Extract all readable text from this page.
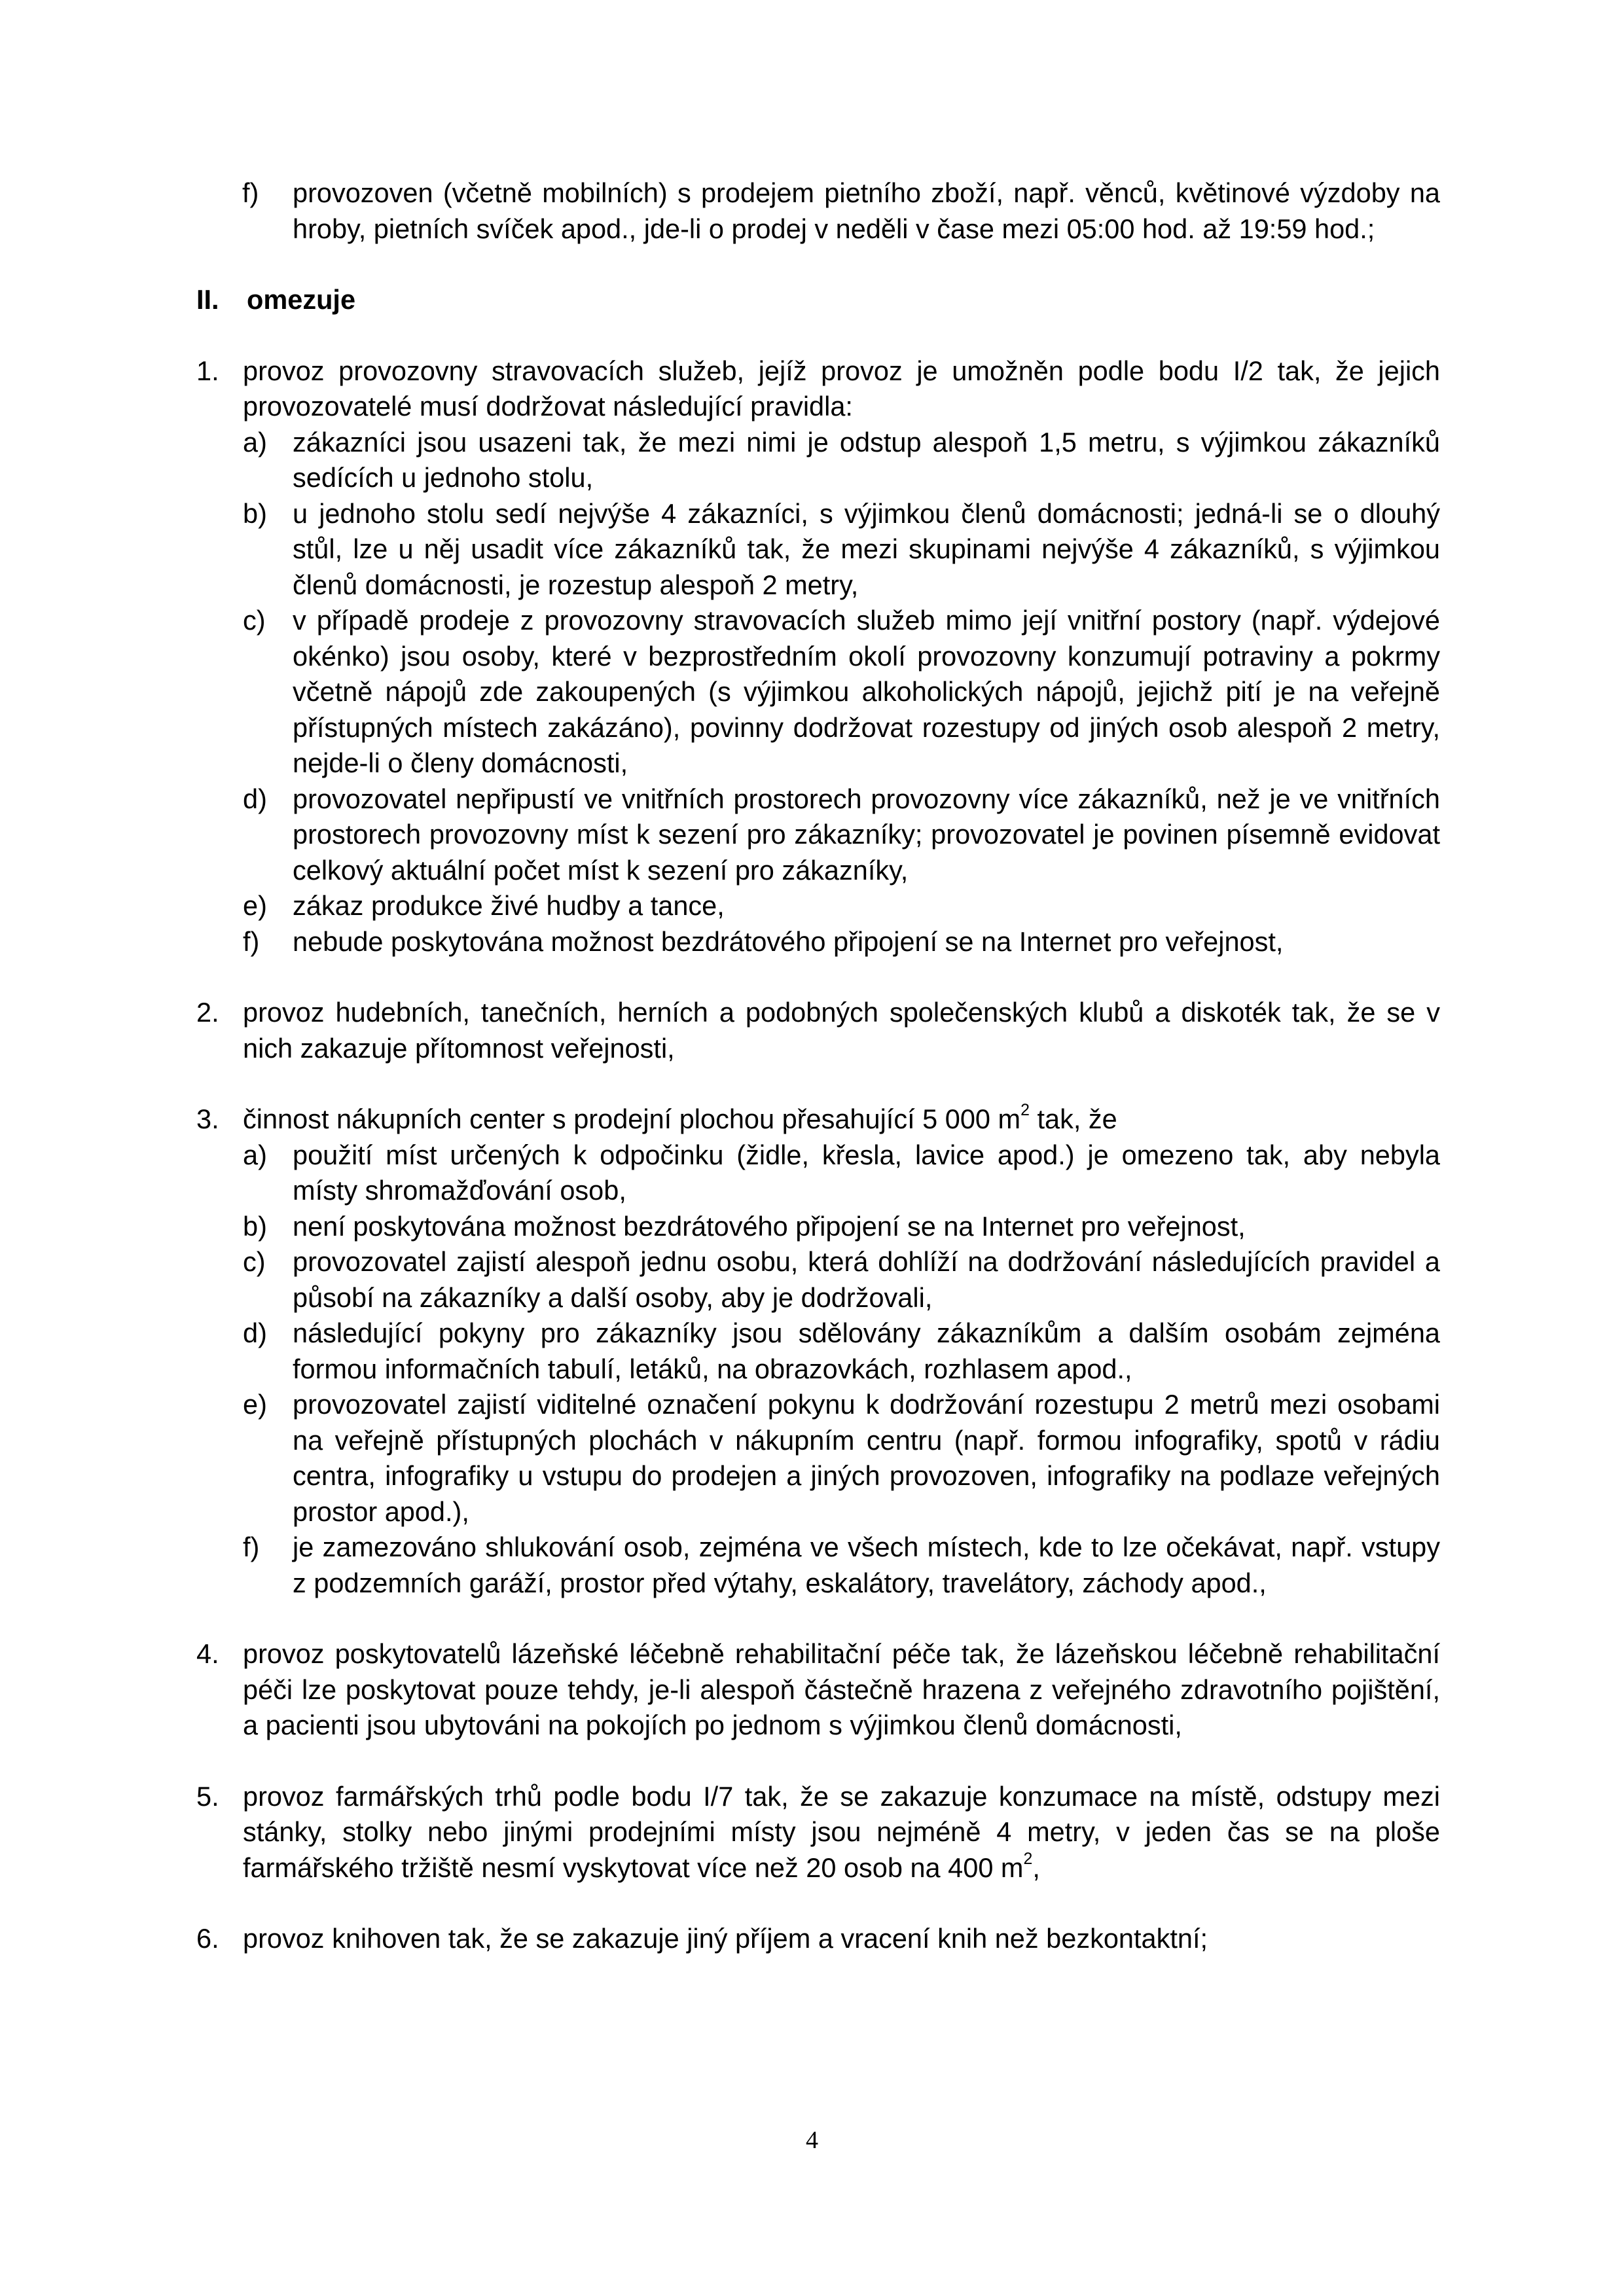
f)	provozoven (včetně mobilních) s prodejem pietního zboží, např. věnců, květinové výzdoby na hroby, pietních svíček apod., jde-li o prodej v neděli v čase mezi 05:00 hod. až 19:59 hod.;
II.	omezuje
1. provoz provozovny stravovacích služeb, jejíž provoz je umožněn podle bodu I/2 tak, že jejich provozovatelé musí dodržovat následující pravidla:
a) zákazníci jsou usazeni tak, že mezi nimi je odstup alespoň 1,5 metru, s výjimkou zákazníků sedících u jednoho stolu,
b) u jednoho stolu sedí nejvýše 4 zákazníci, s výjimkou členů domácnosti; jedná-li se o dlouhý stůl, lze u něj usadit více zákazníků tak, že mezi skupinami nejvýše 4 zákazníků, s výjimkou členů domácnosti, je rozestup alespoň 2 metry,
c) v případě prodeje z provozovny stravovacích služeb mimo její vnitřní postory (např. výdejové okénko) jsou osoby, které v bezprostředním okolí provozovny konzumují potraviny a pokrmy včetně nápojů zde zakoupených (s výjimkou alkoholických nápojů, jejichž pití je na veřejně přístupných místech zakázáno), povinny dodržovat rozestupy od jiných osob alespoň 2 metry, nejde-li o členy domácnosti,
d) provozovatel nepřipustí ve vnitřních prostorech provozovny více zákazníků, než je ve vnitřních prostorech provozovny míst k sezení pro zákazníky; provozovatel je povinen písemně evidovat celkový aktuální počet míst k sezení pro zákazníky,
e) zákaz produkce živé hudby a tance,
f)	nebude poskytována možnost bezdrátového připojení se na Internet pro veřejnost,
2. provoz hudebních, tanečních, herních a podobných společenských klubů a diskoték tak, že se v nich zakazuje přítomnost veřejnosti,
3. činnost nákupních center s prodejní plochou přesahující 5 000 $m^2$ tak, že
a) použití míst určených k odpočinku (židle, křesla, lavice apod.) je omezeno tak, aby nebyla místy shromažďování osob,
b) není poskytována možnost bezdrátového připojení se na Internet pro veřejnost,
c) provozovatel zajistí alespoň jednu osobu, která dohlíží na dodržování následujících pravidel a působí na zákazníky a další osoby, aby je dodržovali,
d) následující pokyny pro zákazníky jsou sdělovány zákazníkům a dalším osobám zejména formou informačních tabulí, letáků, na obrazovkách, rozhlasem apod.,
e) provozovatel zajistí viditelné označení pokynu k dodržování rozestupu 2 metrů mezi osobami na veřejně přístupných plochách v nákupním centru (např. formou infografiky, spotů v rádiu centra, infografiky u vstupu do prodejen a jiných provozoven, infografiky na podlaze veřejných prostor apod.),
f)	je zamezováno shlukování osob, zejména ve všech místech, kde to lze očekávat, např. vstupy z podzemních garáží, prostor před výtahy, eskalátory, travelátory, záchody apod.,
4. provoz poskytovatelů lázeňské léčebně rehabilitační péče tak, že lázeňskou léčebně rehabilitační péči lze poskytovat pouze tehdy, je-li alespoň částečně hrazena z veřejného zdravotního pojištění, a pacienti jsou ubytováni na pokojích po jednom s výjimkou členů domácnosti,
5. provoz farmářských trhů podle bodu I/7 tak, že se zakazuje konzumace na místě, odstupy mezi stánky, stolky nebo jinými prodejními místy jsou nejméně 4 metry, v jeden čas se na ploše farmářského tržiště nesmí vyskytovat více než 20 osob na 400 $m^2$,
6. provoz knihoven tak, že se zakazuje jiný příjem a vracení knih než bezkontaktní;
4
